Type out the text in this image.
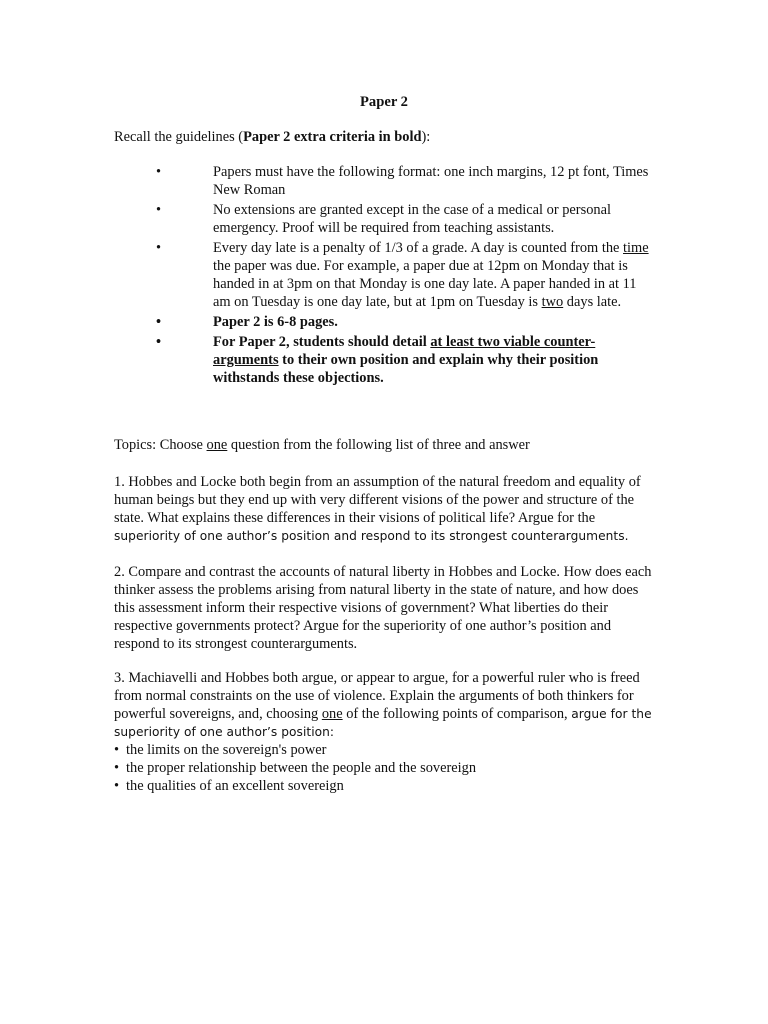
Paper 2
Recall the guidelines (Paper 2 extra criteria in bold):
•	Papers must have the following format: one inch margins, 12 pt font, Times New Roman
•	No extensions are granted except in the case of a medical or personal emergency. Proof will be required from teaching assistants.
•	Every day late is a penalty of 1/3 of a grade. A day is counted from the time the paper was due. For example, a paper due at 12pm on Monday that is handed in at 3pm on that Monday is one day late. A paper handed in at 11 am on Tuesday is one day late, but at 1pm on Tuesday is two days late.
•	Paper 2 is 6-8 pages.
•	For Paper 2, students should detail at least two viable counter-arguments to their own position and explain why their position withstands these objections.
Topics: Choose one question from the following list of three and answer
1. Hobbes and Locke both begin from an assumption of the natural freedom and equality of human beings but they end up with very different visions of the power and structure of the state. What explains these differences in their visions of political life? Argue for the superiority of one author’s position and respond to its strongest counterarguments.
2. Compare and contrast the accounts of natural liberty in Hobbes and Locke. How does each thinker assess the problems arising from natural liberty in the state of nature, and how does this assessment inform their respective visions of government? What liberties do their respective governments protect? Argue for the superiority of one author’s position and respond to its strongest counterarguments.
3. Machiavelli and Hobbes both argue, or appear to argue, for a powerful ruler who is freed from normal constraints on the use of violence. Explain the arguments of both thinkers for powerful sovereigns, and, choosing one of the following points of comparison, argue for the superiority of one author’s position:
• the limits on the sovereign's power
• the proper relationship between the people and the sovereign
• the qualities of an excellent sovereign
